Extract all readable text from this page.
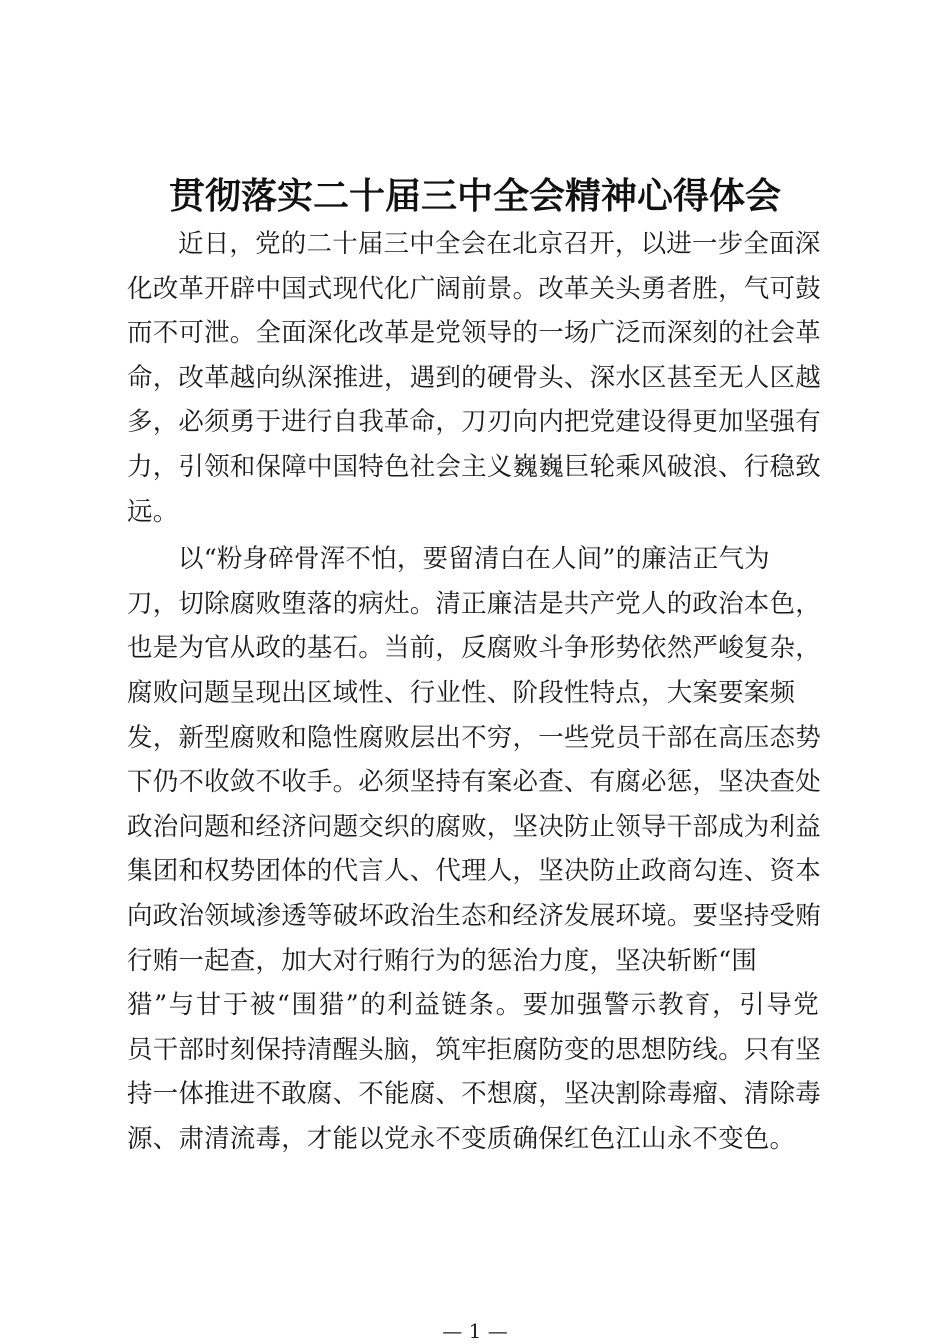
贯彻落实二十届三中全会精神心得体会
近日，党的二十届三中全会在北京召开，以进一步全面深
化改革开辟中国式现代化广阔前景。改革关头勇者胜，气可鼓
而不可泄。全面深化改革是党领导的一场广泛而深刻的社会革
命，改革越向纵深推进，遇到的硬骨头、深水区甚至无人区越
多，必须勇于进行自我革命，刀刃向内把党建设得更加坚强有
力，引领和保障中国特色社会主义巍巍巨轮乘风破浪、行稳致
远。
以“粉身碎骨浑不怕，要留清白在人间”的廉洁正气为
刀，切除腐败堕落的病灶。清正廉洁是共产党人的政治本色，
也是为官从政的基石。当前，反腐败斗争形势依然严峻复杂，
腐败问题呈现出区域性、行业性、阶段性特点，大案要案频
发，新型腐败和隐性腐败层出不穷，一些党员干部在高压态势
下仍不收敛不收手。必须坚持有案必查、有腐必惩，坚决查处
政治问题和经济问题交织的腐败，坚决防止领导干部成为利益
集团和权势团体的代言人、代理人，坚决防止政商勾连、资本
向政治领域渗透等破坏政治生态和经济发展环境。要坚持受贿
行贿一起查，加大对行贿行为的惩治力度，坚决斩断“围
猎”与甘于被“围猎”的利益链条。要加强警示教育，引导党
员干部时刻保持清醒头脑，筑牢拒腐防变的思想防线。只有坚
持一体推进不敢腐、不能腐、不想腐，坚决割除毒瘤、清除毒
源、肃清流毒，才能以党永不变质确保红色江山永不变色。
— 1 —
